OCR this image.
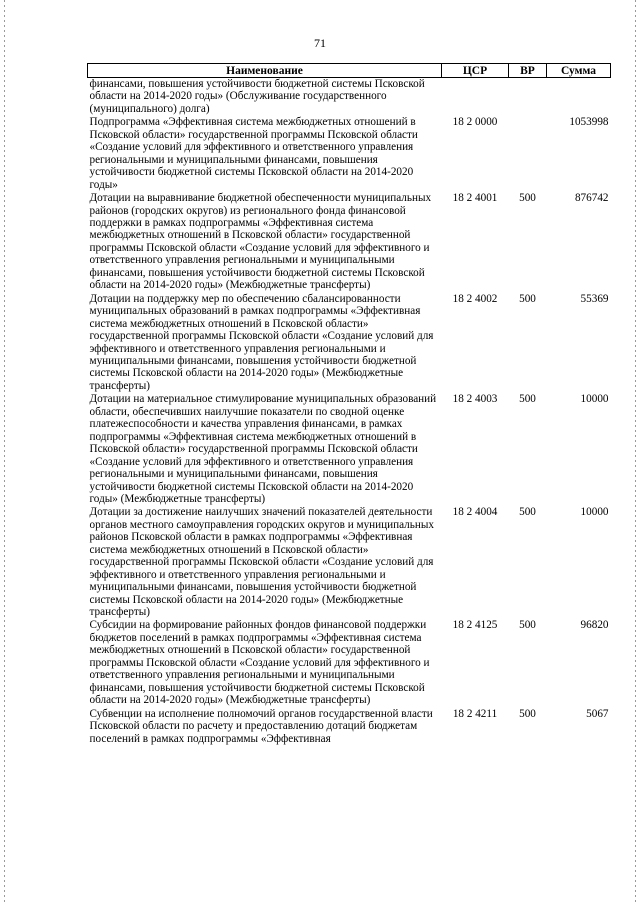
71
Наименование	ЦСР	ВР	Сумма
финансами, повышения устойчивости бюджетной системы Псковской области на 2014-2020 годы» (Обслуживание государственного (муниципального) долга)			
Подпрограмма «Эффективная система межбюджетных отношений в Псковской области» государственной программы Псковской области «Создание условий для эффективного и ответственного управления региональными и муниципальными финансами, повышения устойчивости бюджетной системы Псковской области на 2014-2020 годы»	18 2 0000		1053998
Дотации на выравнивание бюджетной обеспеченности муниципальных районов (городских округов) из регионального фонда финансовой поддержки в рамках подпрограммы «Эффективная система межбюджетных отношений в Псковской области» государственной программы Псковской области «Создание условий для эффективного и ответственного управления региональными и муниципальными финансами, повышения устойчивости бюджетной системы Псковской области на 2014-2020 годы» (Межбюджетные трансферты)	18 2 4001	500	876742
Дотации на поддержку мер по обеспечению сбалансированности муниципальных образований в рамках подпрограммы «Эффективная система межбюджетных отношений в Псковской области» государственной программы Псковской области «Создание условий для эффективного и ответственного управления региональными и муниципальными финансами, повышения устойчивости бюджетной системы Псковской области на 2014-2020 годы» (Межбюджетные трансферты)	18 2 4002	500	55369
Дотации на материальное стимулирование муниципальных образований области, обеспечивших наилучшие показатели по сводной оценке платежеспособности и качества управления финансами, в рамках подпрограммы «Эффективная система межбюджетных отношений в Псковской области» государственной программы Псковской области «Создание условий для эффективного и ответственного управления региональными и муниципальными финансами, повышения устойчивости бюджетной системы Псковской области на 2014-2020 годы» (Межбюджетные трансферты)	18 2 4003	500	10000
Дотации за достижение наилучших значений показателей деятельности органов местного самоуправления городских округов и муниципальных районов Псковской области в рамках подпрограммы «Эффективная система межбюджетных отношений в Псковской области» государственной программы Псковской области «Создание условий для эффективного и ответственного управления региональными и муниципальными финансами, повышения устойчивости бюджетной системы Псковской области на 2014-2020 годы» (Межбюджетные трансферты)	18 2 4004	500	10000
Субсидии на формирование районных фондов финансовой поддержки бюджетов поселений в рамках подпрограммы «Эффективная система межбюджетных отношений в Псковской области» государственной программы Псковской области «Создание условий для эффективного и ответственного управления региональными и муниципальными финансами, повышения устойчивости бюджетной системы Псковской области на 2014-2020 годы» (Межбюджетные трансферты)	18 2 4125	500	96820
Субвенции на исполнение полномочий органов государственной власти Псковской области по расчету и предоставлению дотаций бюджетам поселений в рамках подпрограммы «Эффективная	18 2 4211	500	5067
